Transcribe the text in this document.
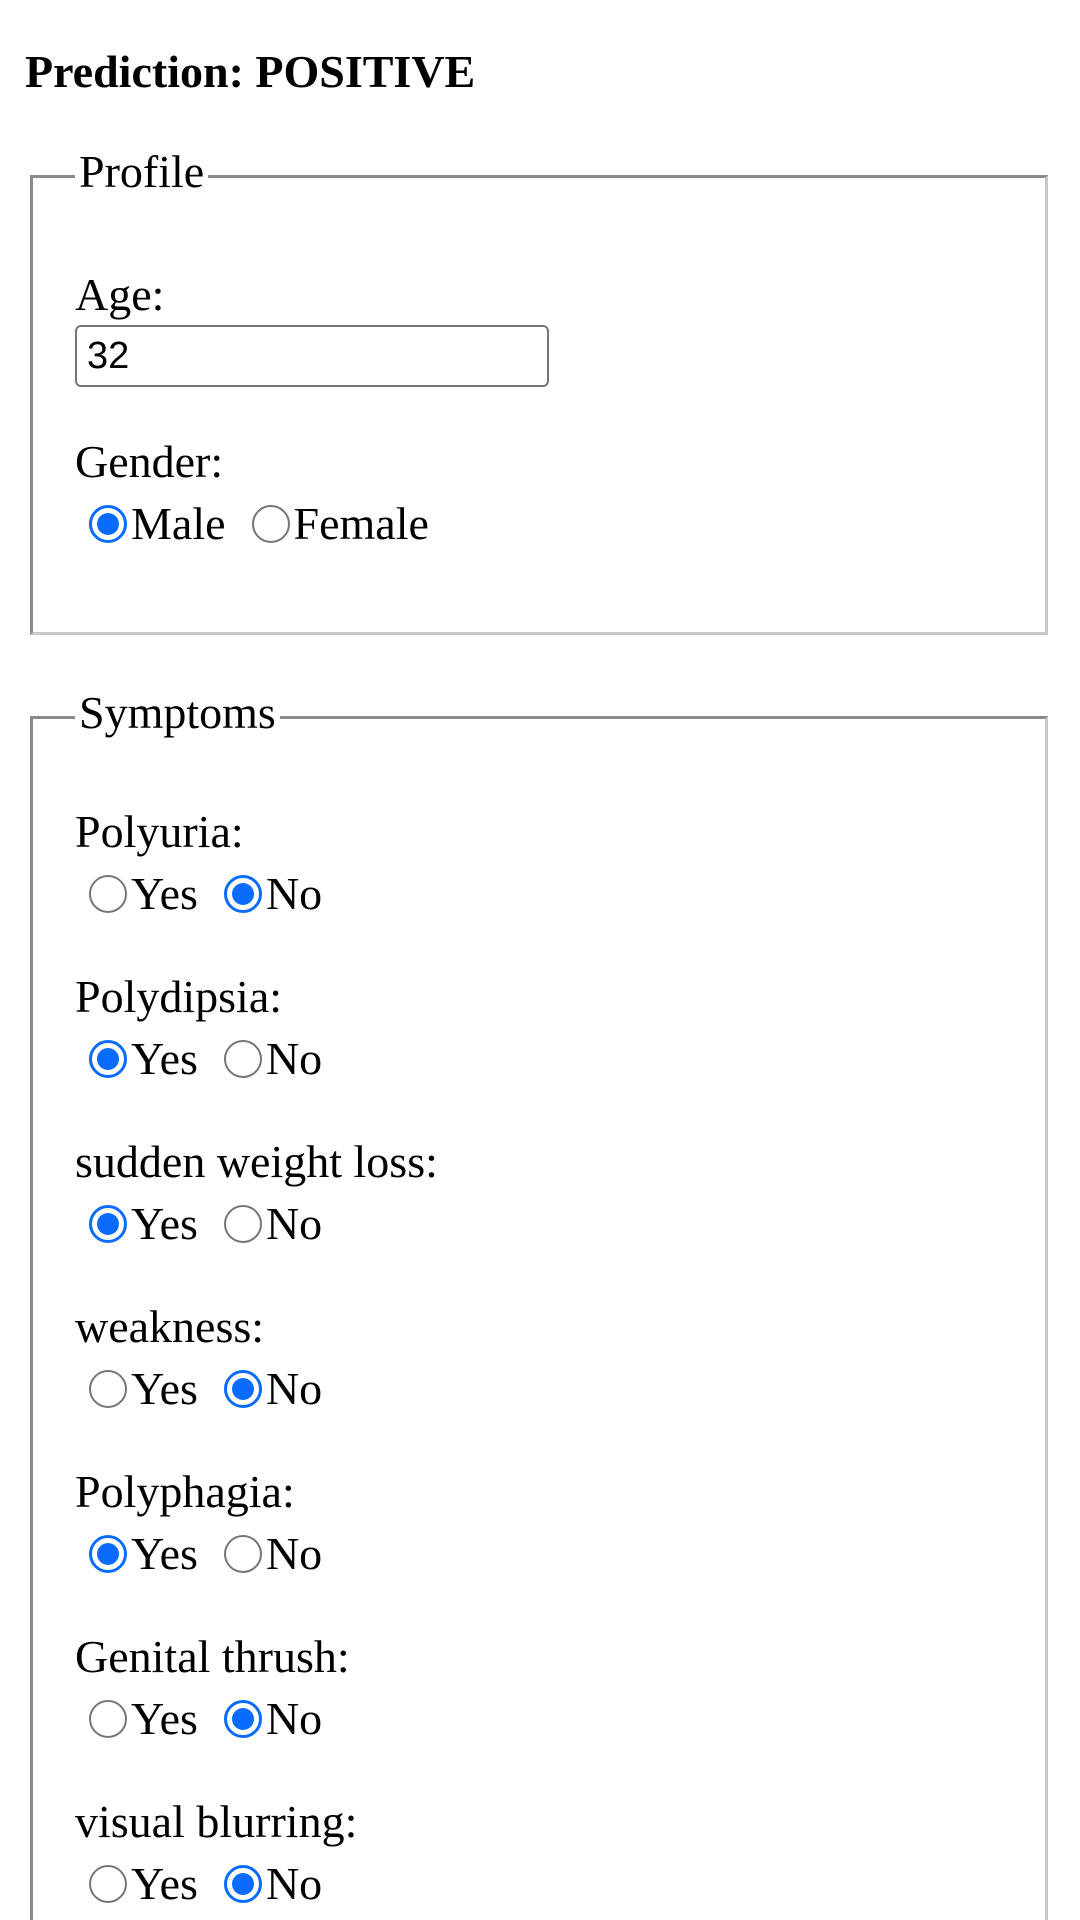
Prediction: POSITIVE
Profile
Age:
32
Gender:
Male Female
Symptoms
Polyuria:
Yes No
Polydipsia:
Yes No
sudden weight loss:
Yes No
weakness:
Yes No
Polyphagia:
Yes No
Genital thrush:
Yes No
visual blurring:
Yes No
